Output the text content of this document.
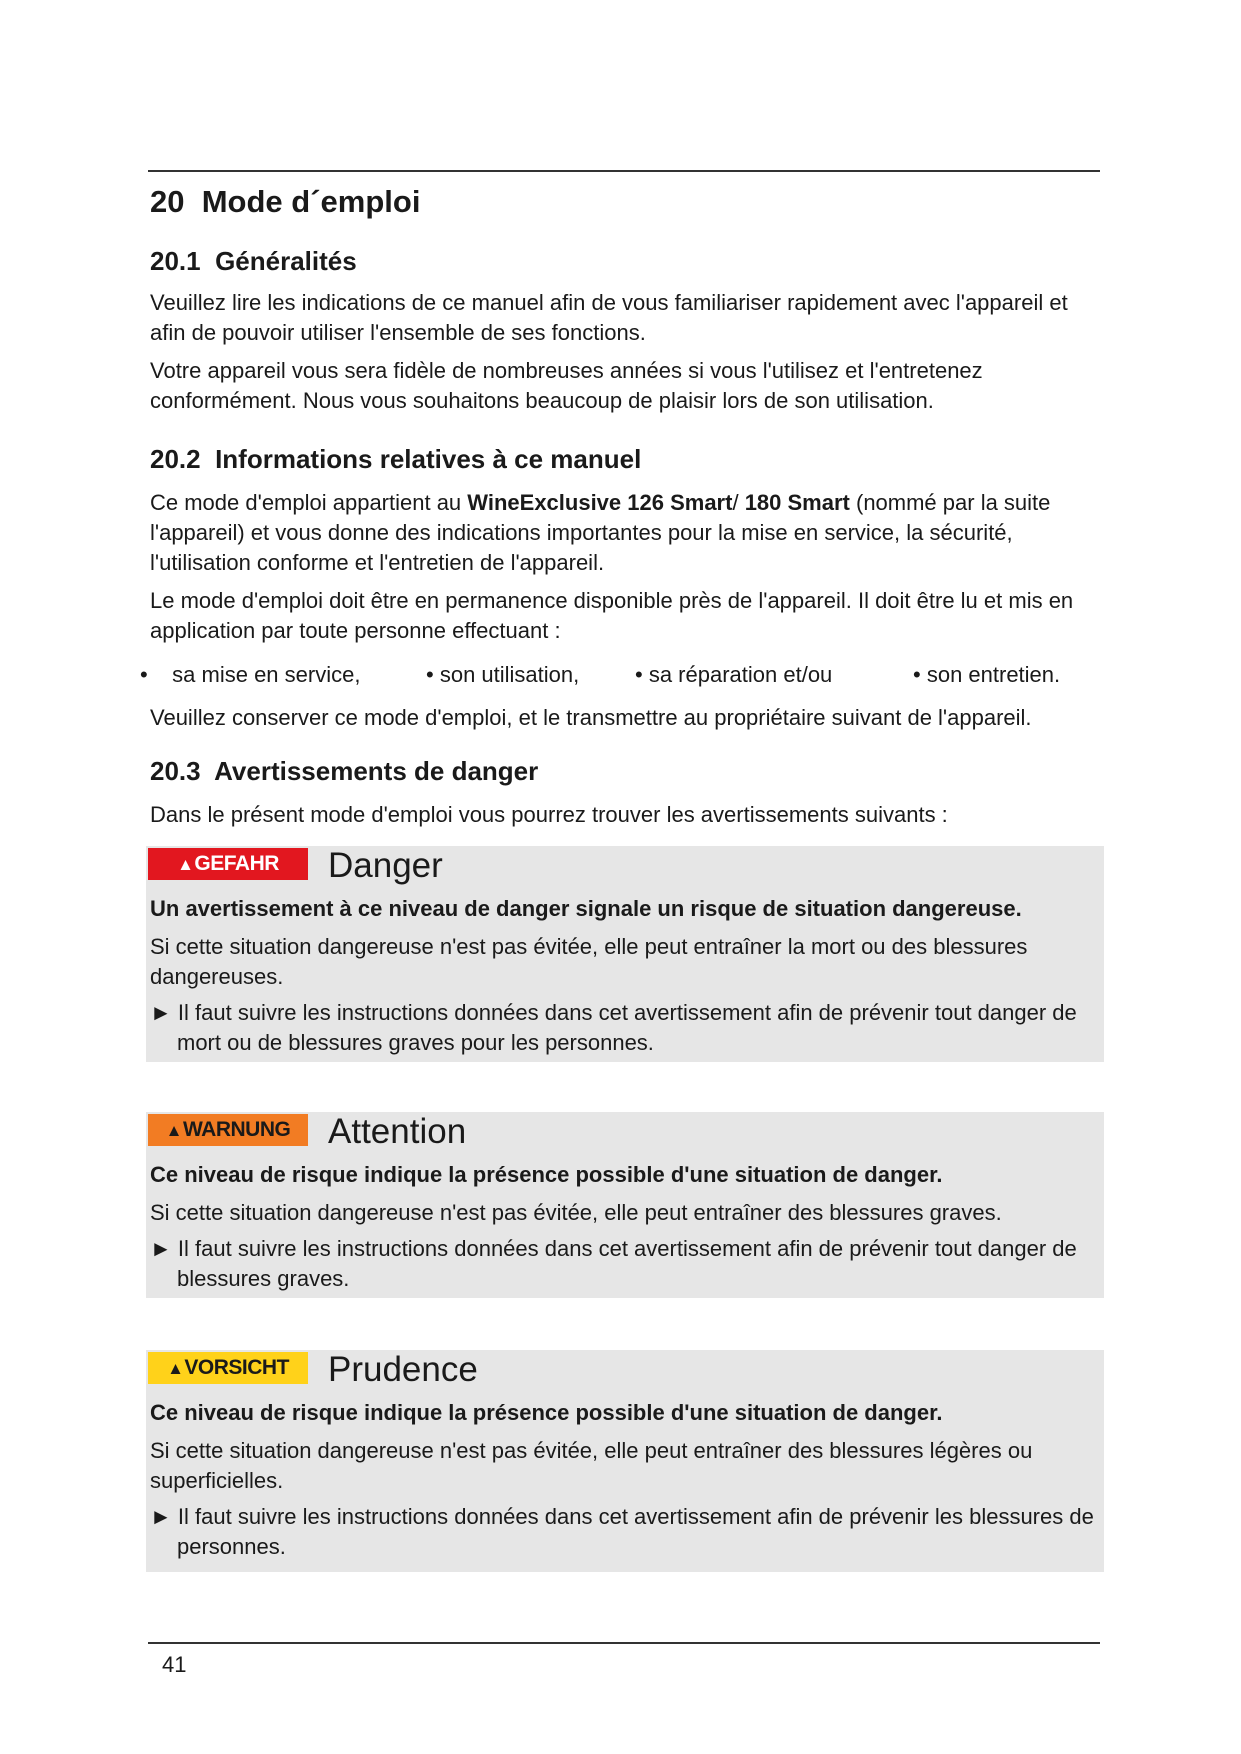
20 Mode d´emploi
20.1 Généralités

Veuillez lire les indications de ce manuel afin de vous familiariser rapidement avec l'appareil et afin de pouvoir utiliser l'ensemble de ses fonctions.

Votre appareil vous sera fidèle de nombreuses années si vous l'utilisez et l'entretenez conformément. Nous vous souhaitons beaucoup de plaisir lors de son utilisation.

20.2 Informations relatives à ce manuel

Ce mode d'emploi appartient au WineExclusive 126 Smart/ 180 Smart (nommé par la suite l'appareil) et vous donne des indications importantes pour la mise en service, la sécurité, l'utilisation conforme et l'entretien de l'appareil.

Le mode d'emploi doit être en permanence disponible près de l'appareil. Il doit être lu et mis en application par toute personne effectuant :

• sa mise en service,	• son utilisation,	• sa réparation et/ou	• son entretien.

Veuillez conserver ce mode d'emploi, et le transmettre au propriétaire suivant de l'appareil.

20.3 Avertissements de danger

Dans le présent mode d'emploi vous pourrez trouver les avertissements suivants :

▲GEFAHR	Danger
Un avertissement à ce niveau de danger signale un risque de situation dangereuse.
Si cette situation dangereuse n'est pas évitée, elle peut entraîner la mort ou des blessures dangereuses.
► Il faut suivre les instructions données dans cet avertissement afin de prévenir tout danger de mort ou de blessures graves pour les personnes.
▲WARNUNG	Attention
Ce niveau de risque indique la présence possible d'une situation de danger.
Si cette situation dangereuse n'est pas évitée, elle peut entraîner des blessures graves.
► Il faut suivre les instructions données dans cet avertissement afin de prévenir tout danger de blessures graves.
▲VORSICHT	Prudence
Ce niveau de risque indique la présence possible d'une situation de danger.
Si cette situation dangereuse n'est pas évitée, elle peut entraîner des blessures légères ou superficielles.
► Il faut suivre les instructions données dans cet avertissement afin de prévenir les blessures de personnes.
41
